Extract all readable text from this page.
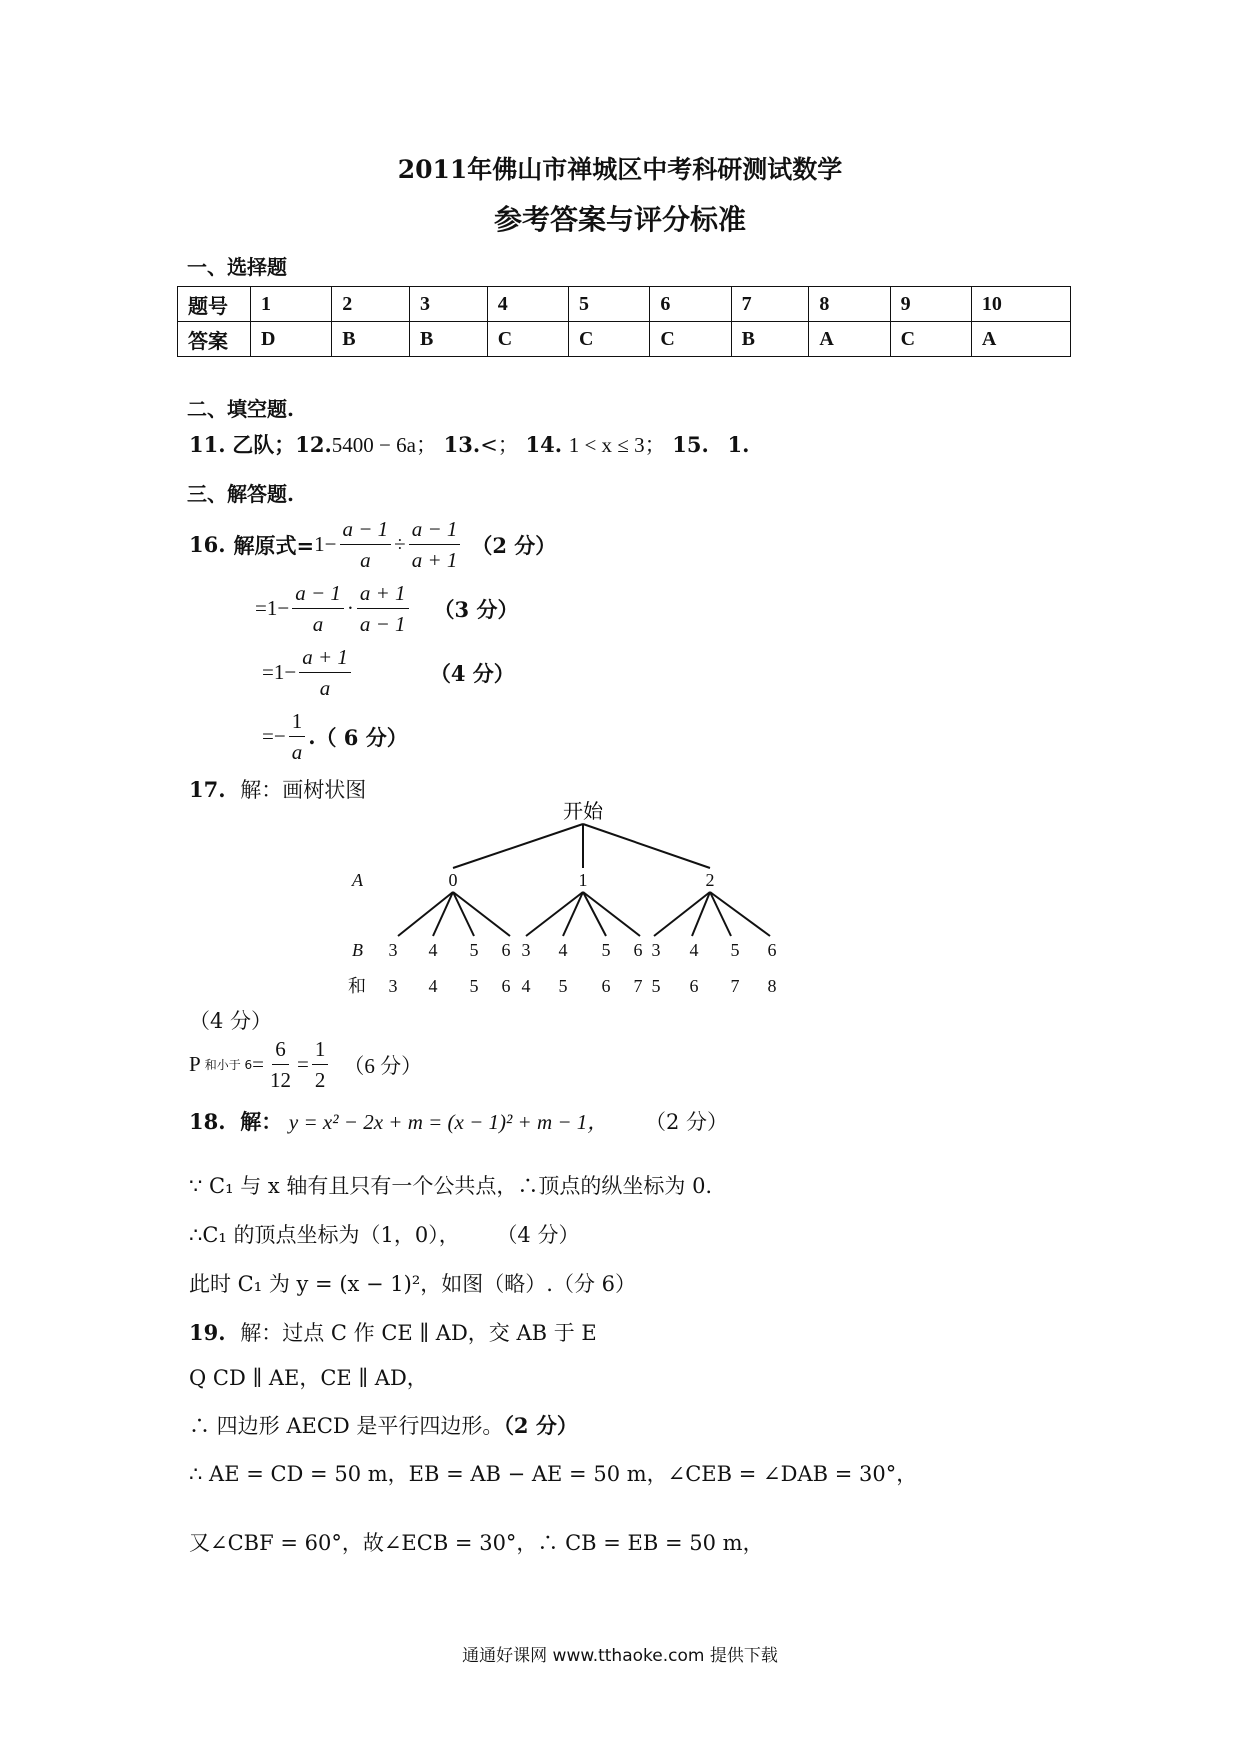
2011年佛山市禅城区中考科研测试数学
参考答案与评分标准
一、选择题
题号	1	2	3	4	5	6	7	8	9	10
答案	D	B	B	C	C	C	B	A	C	A
二、填空题.
11. 乙队；12.5400 − 6a； 13.<； 14. 1 < x ≤ 3； 15. 1.
三、解答题.
16. 解原式= $1 - \frac{a - 1}{a} \div \frac{a - 1}{a + 1} (2$ 分）
= $1 - \frac{a - 1}{a} \cdot \frac{a + 1}{a - 1} (3$ 分）
= $1 - \frac{a + 1}{a}$	（4 分）
= − $\frac{1}{a}$ . （ 6 分）
17. 解：画树状图
开始
A	0	1	2
B 3 4 5 6 3 4 5 6 3 4 5 6
和 3 4 5 6 4 5 6 7 5 6 7 8
（4 分）
P 和小于 $6 = \frac{6}{12} = \frac{1}{2} (6$ 分）
18. 解： y = x² − 2x + m = (x − 1)² + m − 1， （2 分）
∵ C₁ 与 x 轴有且只有一个公共点，∴顶点的纵坐标为 0.
∴C₁ 的顶点坐标为（1，0）， （4 分）
此时 C₁ 为 y = (x − 1)²，如图（略）.（分 6）
19. 解：过点 C 作 CE ∥ AD，交 AB 于 E
Q CD ∥ AE，CE ∥ AD，
∴ 四边形 AECD 是平行四边形。（2 分）
∴ AE = CD = 50 m，EB = AB − AE = 50 m，∠CEB = ∠DAB = 30°，
又∠CBF = 60°，故∠ECB = 30°，∴ CB = EB = 50 m，
通通好课网 www.tthaoke.com 提供下载
